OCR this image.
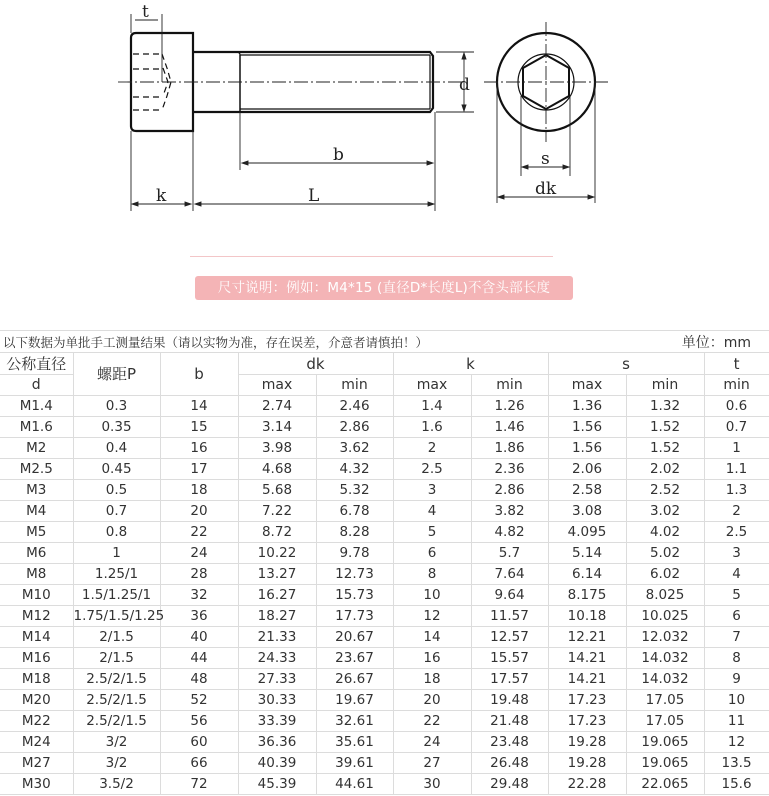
t
d
b
k	L
s
dk
尺寸说明：例如：M4*15 (直径D*长度L)不含头部长度
以下数据为单批手工测量结果（请以实物为准，存在误差，介意者请慎拍！）	单位：mm
公称直径	螺距P	b	dk		k		s		t
d			max	min	max	min	max	min	min
M1.4	0.3	14	2.74	2.46	1.4	1.26	1.36	1.32	0.6
M1.6	0.35	15	3.14	2.86	1.6	1.46	1.56	1.52	0.7
M2	0.4	16	3.98	3.62	2	1.86	1.56	1.52	1
M2.5	0.45	17	4.68	4.32	2.5	2.36	2.06	2.02	1.1
M3	0.5	18	5.68	5.32	3	2.86	2.58	2.52	1.3
M4	0.7	20	7.22	6.78	4	3.82	3.08	3.02	2
M5	0.8	22	8.72	8.28	5	4.82	4.095	4.02	2.5
M6	1	24	10.22	9.78	6	5.7	5.14	5.02	3
M8	1.25/1	28	13.27	12.73	8	7.64	6.14	6.02	4
M10	1.5/1.25/1	32	16.27	15.73	10	9.64	8.175	8.025	5
M12	1.75/1.5/1.25	36	18.27	17.73	12	11.57	10.18	10.025	6
M14	2/1.5	40	21.33	20.67	14	12.57	12.21	12.032	7
M16	2/1.5	44	24.33	23.67	16	15.57	14.21	14.032	8
M18	2.5/2/1.5	48	27.33	26.67	18	17.57	14.21	14.032	9
M20	2.5/2/1.5	52	30.33	19.67	20	19.48	17.23	17.05	10
M22	2.5/2/1.5	56	33.39	32.61	22	21.48	17.23	17.05	11
M24	3/2	60	36.36	35.61	24	23.48	19.28	19.065	12
M27	3/2	66	40.39	39.61	27	26.48	19.28	19.065	13.5
M30	3.5/2	72	45.39	44.61	30	29.48	22.28	22.065	15.6
